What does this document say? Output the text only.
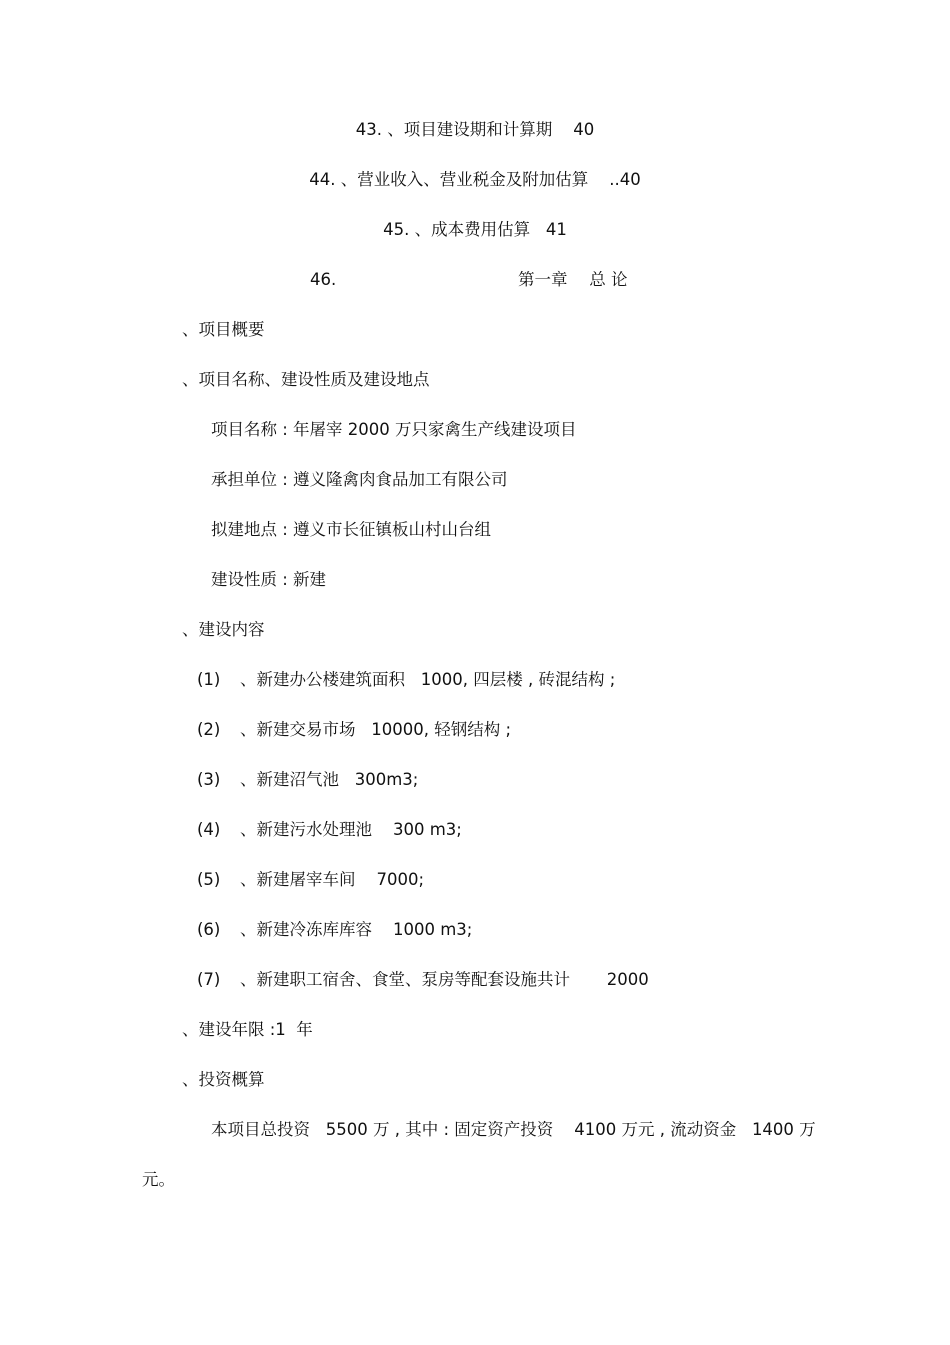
43. 、项目建设期和计算期 40
44. 、营业收入、营业税金及附加估算 ..40
45. 、成本费用估算 41
46.	第一章　 总 论
、项目概要
、项目名称、建设性质及建设地点
项目名称 : 年屠宰 2000 万只家禽生产线建设项目
承担单位 : 遵义隆禽肉食品加工有限公司
拟建地点 : 遵义市长征镇板山村山台组
建设性质 : 新建
、建设内容
(1) 、新建办公楼建筑面积   1000, 四层楼 , 砖混结构 ;
(2) 、新建交易市场   10000, 轻钢结构 ;
(3) 、新建沼气池   300m3;
(4) 、新建污水处理池    300 m3;
(5) 、新建屠宰车间    7000;
(6) 、新建冷冻库库容    1000 m3;
(7) 、新建职工宿舍、食堂、泵房等配套设施共计       2000
、建设年限 :1  年
、投资概算
本项目总投资   5500 万 , 其中 : 固定资产投资    4100 万元 , 流动资金   1400 万
元。
